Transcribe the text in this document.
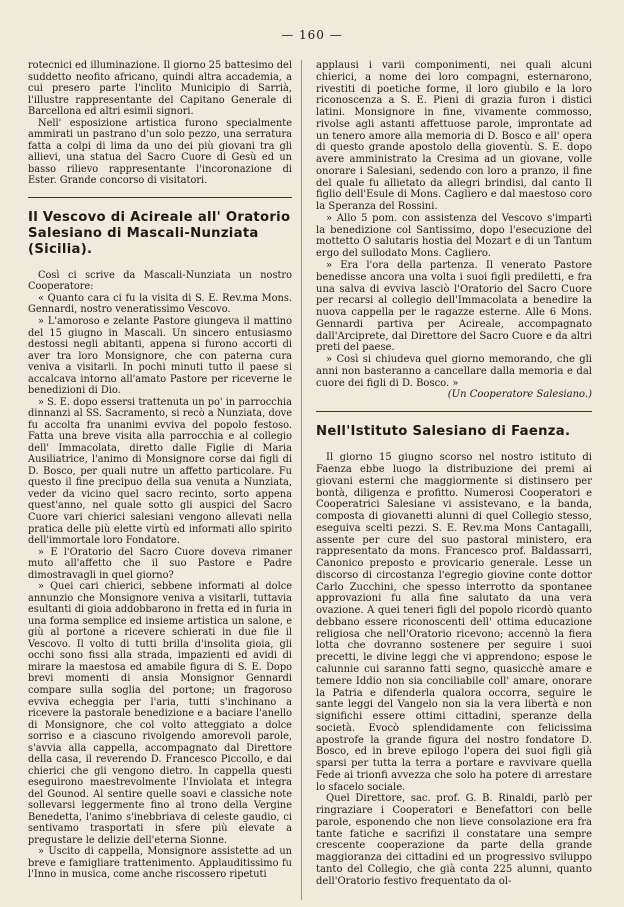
— 160 —

rotecnici ed illuminazione. Il giorno 25 battesimo del suddetto neofito africano, quindi altra accademia, a cui presero parte l'inclito Municipio di Sarrià, l'illustre rappresentante del Capitano Generale di Barcellona ed altri esimii signori.

Nell' esposizione artistica furono specialmente ammirati un pastrano d'un solo pezzo, una serratura fatta a colpi di lima da uno dei più giovani tra gli allievi, una statua del Sacro Cuore di Gesù ed un basso rilievo rappresentante l'incoronazione di Ester. Grande concorso di visitatori.

Il Vescovo di Acireale all' Oratorio Salesiano di Mascali-Nunziata (Sicilia).

Così ci scrive da Mascali-Nunziata un nostro Cooperatore:

« Quanto cara ci fu la visita di S. E. Rev.ma Mons. Gennardi, nostro veneratissimo Vescovo.

» L'amoroso e zelante Pastore giungeva il mattino del 15 giugno in Mascali. Un sincero entusiasmo destossi negli abitanti, appena si furono accorti di aver tra loro Monsignore, che con paterna cura veniva a visitarli. In pochi minuti tutto il paese si accalcava intorno all'amato Pastore per riceverne le benedizioni di Dio.

» S. E. dopo essersi trattenuta un po' in parrocchia dinnanzi al SS. Sacramento, si recò a Nunziata, dove fu accolta fra unanimi evviva del popolo festoso. Fatta una breve visita alla parrocchia e al collegio dell' Immacolata, diretto dalle Figlie di Maria Ausiliatrice, l'animo di Monsignore corse dai figli di D. Bosco, per quali nutre un affetto particolare. Fu questo il fine precipuo della sua venuta a Nunziata, veder da vicino quel sacro recinto, sorto appena quest'anno, nel quale sotto gli auspici del Sacro Cuore vari chierici salesiani vengono allevati nella pratica delle più elette virtù ed informati allo spirito dell'immortale loro Fondatore.

» E l'Oratorio del Sacro Cuore doveva rimaner muto all'affetto che il suo Pastore e Padre dimostravagli in quel giorno?

» Quei cari chierici, sebbene informati al dolce annunzio che Monsignore veniva a visitarli, tuttavia esultanti di gioia addobbarono in fretta ed in furia in una forma semplice ed insieme artistica un salone, e giù al portone a ricevere schierati in due file il Vescovo. Il volto di tutti brilla d'insolita gioia, gli occhi sono fissi alla strada, impazienti ed avidi di mirare la maestosa ed amabile figura di S. E. Dopo brevi momenti di ansia Monsignor Gennardi compare sulla soglia del portone; un fragoroso evviva echeggia per l'aria, tutti s'inchinano a ricevere la pastorale benedizione e a baciare l'anello di Monsignore, che col volto atteggiato a dolce sorriso e a ciascuno rivolgendo amorevoli parole, s'avvia alla cappella, accompagnato dal Direttore della casa, il reverendo D. Francesco Piccollo, e dai chierici che gli vengono dietro. In cappella questi eseguirono maestrevolmente l'Inviolata et integra del Gounod. Al sentire quelle soavi e classiche note sollevarsi leggermente fino al trono della Vergine Benedetta, l'animo s'inebbriava di celeste gaudio, ci sentivamo trasportati in sfere più elevate a pregustare le delizie dell'eterna Sionne.

» Uscito di cappella, Monsignore assistette ad un breve e famigliare trattenimento. Applauditissimo fu l'Inno in musica, come anche riscossero ripetuti

applausi i varii componimenti, nei quali alcuni chierici, a nome dei loro compagni, esternarono, rivestiti di poetiche forme, il loro giubilo e la loro riconoscenza a S. E. Pieni di grazia furon i distici latini. Monsignore in fine, vivamente commosso, rivolse agli astanti affettuose parole, improntate ad un tenero amore alla memoria di D. Bosco e all' opera di questo grande apostolo della gioventù. S. E. dopo avere amministrato la Cresima ad un giovane, volle onorare i Salesiani, sedendo con loro a pranzo, il fine del quale fu allietato da allegri brindisi, dal canto Il figlio dell'Esule di Mons. Cagliero e dal maestoso coro la Speranza del Rossini.

» Allo 5 pom. con assistenza del Vescovo s'impartì la benedizione col Santissimo, dopo l'esecuzione del mottetto O salutaris hostia del Mozart e di un Tantum ergo del sullodato Mons. Cagliero.

» Era l'ora della partenza. Il venerato Pastore benedisse ancora una volta i suoi figli prediletti, e fra una salva di evviva lasciò l'Oratorio del Sacro Cuore per recarsi al collegio dell'Immacolata a benedire la nuova cappella per le ragazze esterne. Alle 6 Mons. Gennardi partiva per Acireale, accompagnato dall'Arciprete, dal Direttore del Sacro Cuore e da altri preti del paese.

» Così si chiudeva quel giorno memorando, che gli anni non basteranno a cancellare dalla memoria e dal cuore dei figli di D. Bosco. »

(Un Cooperatore Salesiano.)

Nell'Istituto Salesiano di Faenza.

Il giorno 15 giugno scorso nel nostro istituto di Faenza ebbe luogo la distribuzione dei premi ai giovani esterni che maggiormente si distinsero per bontà, diligenza e profitto. Numerosi Cooperatori e Cooperatrici Salesiane vi assistevano, e la banda, composta di giovanetti alunni di quel Collegio stesso, eseguiva scelti pezzi. S. E. Rev.ma Mons Cantagalli, assente per cure del suo pastoral ministero, era rappresentato da mons. Francesco prof. Baldassarri, Canonico preposto e provicario generale. Lesse un discorso di circostanza l'egregio giovine conte dottor Carlo Zucchini, che spesso interrotto da spontanee approvazioni fu alla fine salutato da una vera ovazione. A quei teneri figli del popolo ricordò quanto debbano essere riconoscenti dell' ottima educazione religiosa che nell'Oratorio ricevono; accennò la fiera lotta che dovranno sostenere per seguire i suoi precetti, le divine leggi che vi apprendono; espose le calunnie cui saranno fatti segno, quasicchè amare e temere Iddio non sia conciliabile coll' amare, onorare la Patria e difenderla qualora occorra, seguire le sante leggi del Vangelo non sia la vera libertà e non significhi essere ottimi cittadini, speranze della società. Evocò splendidamente con felicissima apostrofe la grande figura del nostro fondatore D. Bosco, ed in breve epilogo l'opera dei suoi figli già sparsi per tutta la terra a portare e ravvivare quella Fede ai trionfi avvezza che solo ha potere di arrestare lo sfacelo sociale.

Quel Direttore, sac. prof. G. B. Rinaldi, parlò per ringraziare i Cooperatori e Benefattori con belle parole, esponendo che non lieve consolazione era fra tante fatiche e sacrifizi il constatare una sempre crescente cooperazione da parte della grande maggioranza dei cittadini ed un progressivo sviluppo tanto del Collegio, che già conta 225 alunni, quanto dell'Oratorio festivo frequentato da ol-
